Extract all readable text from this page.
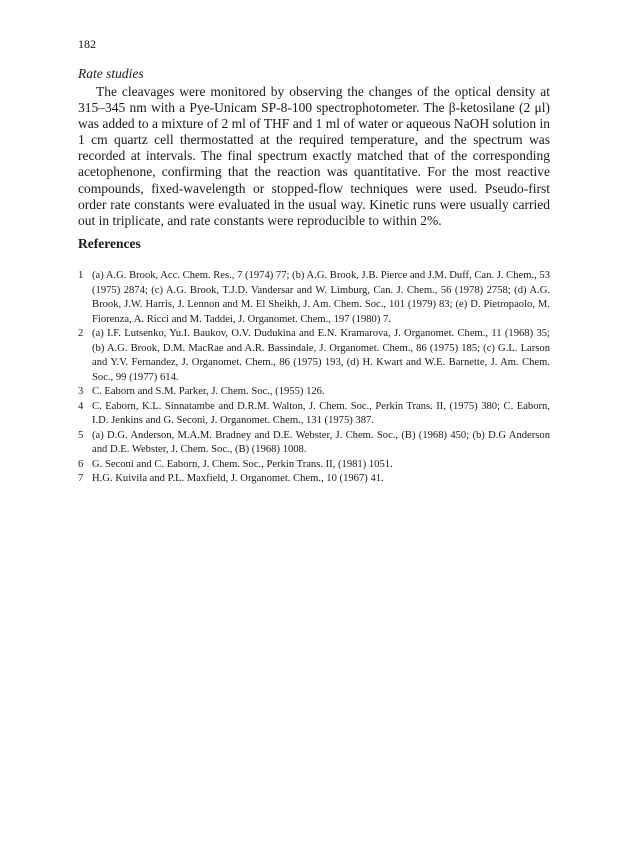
182
Rate studies

The cleavages were monitored by observing the changes of the optical density at 315–345 nm with a Pye-Unicam SP-8-100 spectrophotometer. The β-ketosilane (2 μl) was added to a mixture of 2 ml of THF and 1 ml of water or aqueous NaOH solution in 1 cm quartz cell thermostatted at the required temperature, and the spectrum was recorded at intervals. The final spectrum exactly matched that of the corresponding acetophenone, confirming that the reaction was quantitative. For the most reactive compounds, fixed-wavelength or stopped-flow techniques were used. Pseudo-first order rate constants were evaluated in the usual way. Kinetic runs were usually carried out in triplicate, and rate constants were reproducible to within 2%.

References
1 (a) A.G. Brook, Acc. Chem. Res., 7 (1974) 77; (b) A.G. Brook, J.B. Pierce and J.M. Duff, Can. J. Chem., 53 (1975) 2874; (c) A.G. Brook, T.J.D. Vandersar and W. Limburg, Can. J. Chem., 56 (1978) 2758; (d) A.G. Brook, J.W. Harris, J. Lennon and M. El Sheikh, J. Am. Chem. Soc., 101 (1979) 83; (e) D. Pietropaolo, M. Fiorenza, A. Ricci and M. Taddei, J. Organomet. Chem., 197 (1980) 7.
2 (a) I.F. Lutsenko, Yu.I. Baukov, O.V. Dudukina and E.N. Kramarova, J. Organomet. Chem., 11 (1968) 35; (b) A.G. Brook, D.M. MacRae and A.R. Bassindale, J. Organomet. Chem., 86 (1975) 185; (c) G.L. Larson and Y.V. Fernandez, J. Organomet. Chem., 86 (1975) 193, (d) H. Kwart and W.E. Barnette, J. Am. Chem. Soc., 99 (1977) 614.
3 C. Eaborn and S.M. Parker, J. Chem. Soc., (1955) 126.
4 C. Eaborn, K.L. Sinnatambe and D.R.M. Walton, J. Chem. Soc., Perkin Trans. II, (1975) 380; C. Eaborn, I.D. Jenkins and G. Seconi, J. Organomet. Chem., 131 (1975) 387.
5 (a) D.G. Anderson, M.A.M. Bradney and D.E. Webster, J. Chem. Soc., (B) (1968) 450; (b) D.G Anderson and D.E. Webster, J. Chem. Soc., (B) (1968) 1008.
6 G. Seconi and C. Eaborn, J. Chem. Soc., Perkin Trans. II, (1981) 1051.
7 H.G. Kuivila and P.L. Maxfield, J. Organomet. Chem., 10 (1967) 41.
